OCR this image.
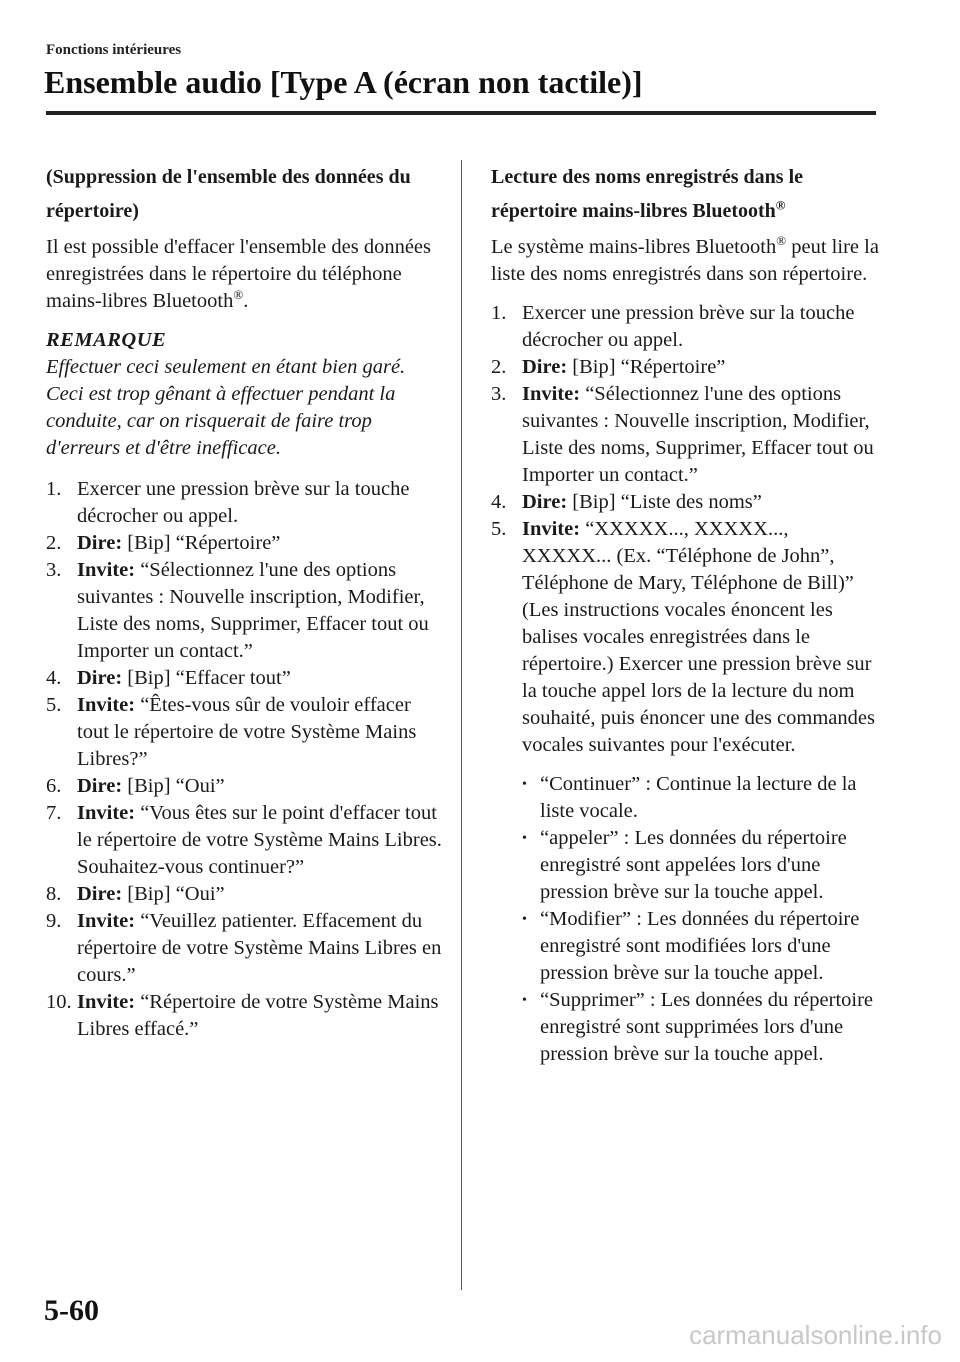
Fonctions intérieures
Ensemble audio [Type A (écran non tactile)]
(Suppression de l'ensemble des données du répertoire)
Il est possible d'effacer l'ensemble des données enregistrées dans le répertoire du téléphone mains-libres Bluetooth®.
REMARQUE
Effectuer ceci seulement en étant bien garé. Ceci est trop gênant à effectuer pendant la conduite, car on risquerait de faire trop d'erreurs et d'être inefficace.
1. Exercer une pression brève sur la touche décrocher ou appel.
2. Dire: [Bip] “Répertoire”
3. Invite: “Sélectionnez l'une des options suivantes : Nouvelle inscription, Modifier, Liste des noms, Supprimer, Effacer tout ou Importer un contact.”
4. Dire: [Bip] “Effacer tout”
5. Invite: “Êtes-vous sûr de vouloir effacer tout le répertoire de votre Système Mains Libres?”
6. Dire: [Bip] “Oui”
7. Invite: “Vous êtes sur le point d'effacer tout le répertoire de votre Système Mains Libres. Souhaitez-vous continuer?”
8. Dire: [Bip] “Oui”
9. Invite: “Veuillez patienter. Effacement du répertoire de votre Système Mains Libres en cours.”
10. Invite: “Répertoire de votre Système Mains Libres effacé.”
Lecture des noms enregistrés dans le répertoire mains-libres Bluetooth®
Le système mains-libres Bluetooth® peut lire la liste des noms enregistrés dans son répertoire.
1. Exercer une pression brève sur la touche décrocher ou appel.
2. Dire: [Bip] “Répertoire”
3. Invite: “Sélectionnez l'une des options suivantes : Nouvelle inscription, Modifier, Liste des noms, Supprimer, Effacer tout ou Importer un contact.”
4. Dire: [Bip] “Liste des noms”
5. Invite: “XXXXX..., XXXXX..., XXXXX... (Ex. “Téléphone de John”, Téléphone de Mary, Téléphone de Bill)” (Les instructions vocales énoncent les balises vocales enregistrées dans le répertoire.) Exercer une pression brève sur la touche appel lors de la lecture du nom souhaité, puis énoncer une des commandes vocales suivantes pour l'exécuter.
• “Continuer” : Continue la lecture de la liste vocale.
• “appeler” : Les données du répertoire enregistré sont appelées lors d'une pression brève sur la touche appel.
• “Modifier” : Les données du répertoire enregistré sont modifiées lors d'une pression brève sur la touche appel.
• “Supprimer” : Les données du répertoire enregistré sont supprimées lors d'une pression brève sur la touche appel.
5-60
carmanualsonline.info
